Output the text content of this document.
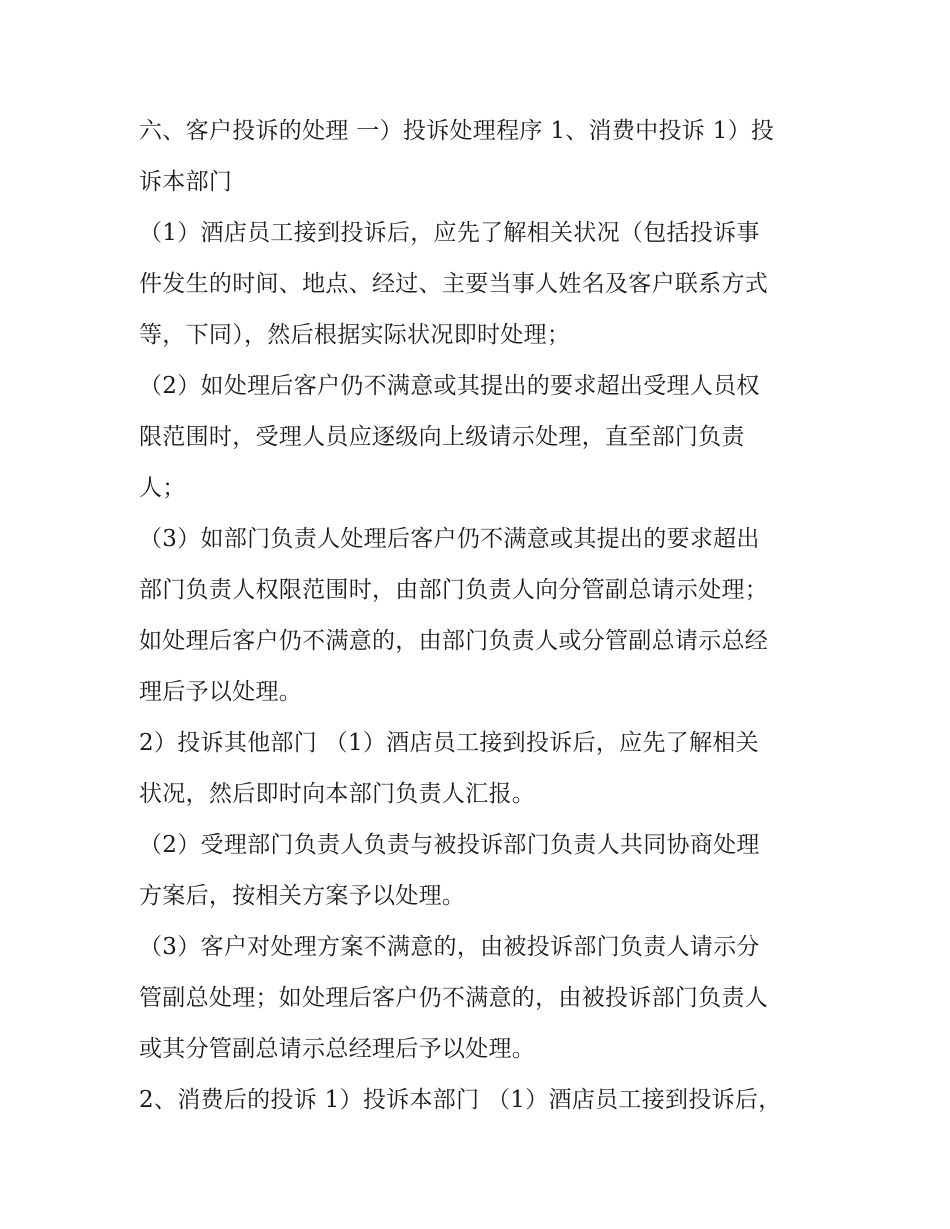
六、客户投诉的处理 一）投诉处理程序 1、消费中投诉 1）投

诉本部门

（1）酒店员工接到投诉后，应先了解相关状况（包括投诉事

件发生的时间、地点、经过、主要当事人姓名及客户联系方式

等，下同），然后根据实际状况即时处理；

（2）如处理后客户仍不满意或其提出的要求超出受理人员权

限范围时，受理人员应逐级向上级请示处理，直至部门负责

人；

（3）如部门负责人处理后客户仍不满意或其提出的要求超出

部门负责人权限范围时，由部门负责人向分管副总请示处理；

如处理后客户仍不满意的，由部门负责人或分管副总请示总经

理后予以处理。

2）投诉其他部门 （1）酒店员工接到投诉后，应先了解相关

状况，然后即时向本部门负责人汇报。

（2）受理部门负责人负责与被投诉部门负责人共同协商处理

方案后，按相关方案予以处理。

（3）客户对处理方案不满意的，由被投诉部门负责人请示分

管副总处理；如处理后客户仍不满意的，由被投诉部门负责人

或其分管副总请示总经理后予以处理。

2、消费后的投诉 1）投诉本部门 （1）酒店员工接到投诉后，
